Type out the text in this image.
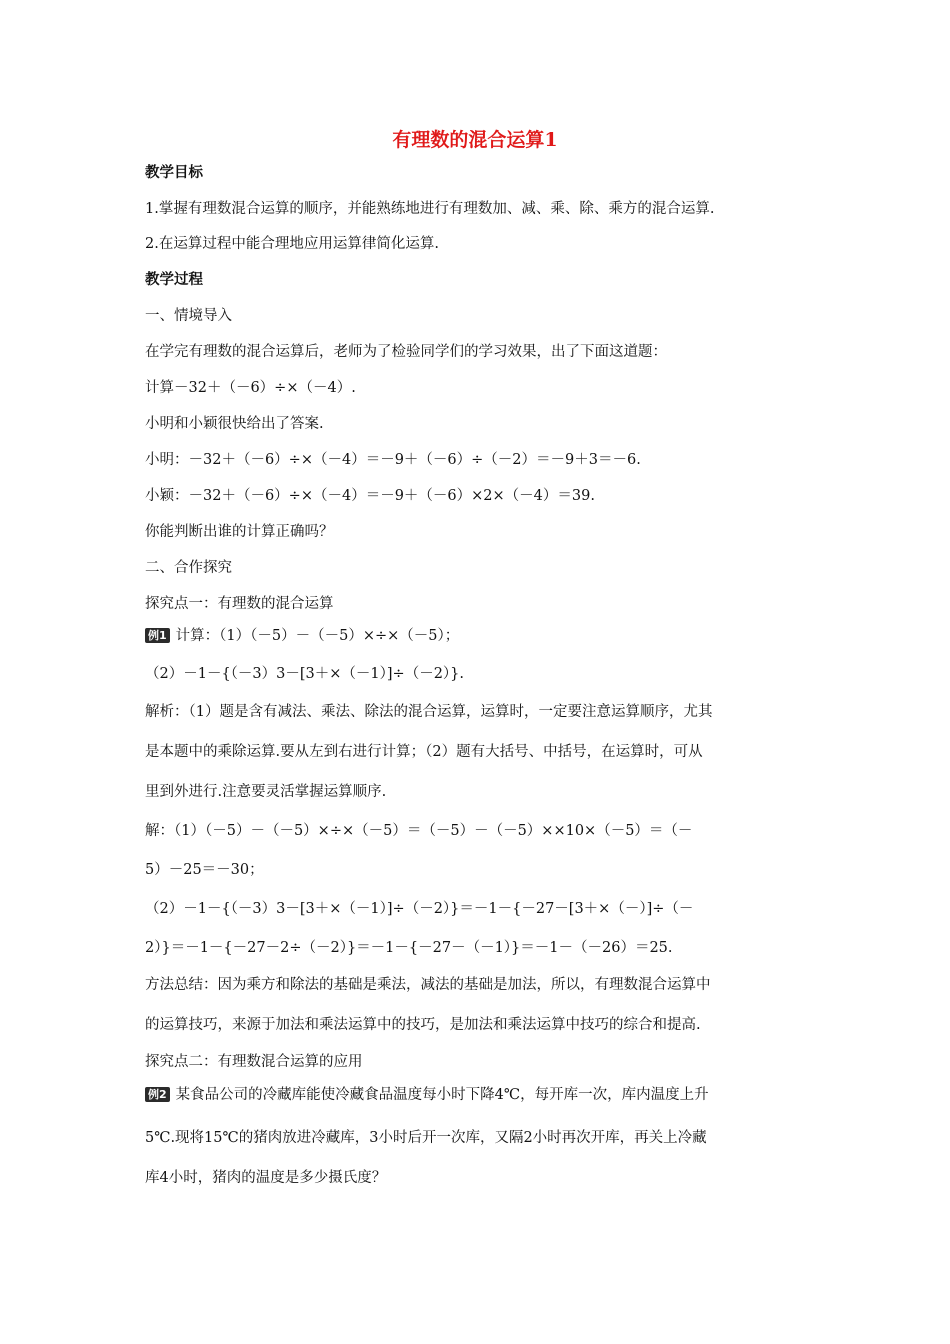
有理数的混合运算1
教学目标
1.掌握有理数混合运算的顺序，并能熟练地进行有理数加、减、乘、除、乘方的混合运算.
2.在运算过程中能合理地应用运算律简化运算.
教学过程
一、情境导入
在学完有理数的混合运算后，老师为了检验同学们的学习效果，出了下面这道题：
计算－32＋（－6）÷×（－4）.
小明和小颖很快给出了答案.
小明：－32＋（－6）÷×（－4）＝－9＋（－6）÷（－2）＝－9＋3＝－6.
小颖：－32＋（－6）÷×（－4）＝－9＋（－6）×2×（－4）＝39.
你能判断出谁的计算正确吗？
二、合作探究
探究点一：有理数的混合运算
例1 计算：（1）（－5）－（－5）×÷×（－5）；
（2）－1－{（－3）3－[3＋×（－1）]÷（－2）}.
解析：（1）题是含有减法、乘法、除法的混合运算，运算时，一定要注意运算顺序，尤其
是本题中的乘除运算.要从左到右进行计算；（2）题有大括号、中括号，在运算时，可从
里到外进行.注意要灵活掌握运算顺序.
解：（1）（－5）－（－5）×÷×（－5）＝（－5）－（－5）××10×（－5）＝（－
5）－25＝－30；
（2）－1－{（－3）3－[3＋×（－1）]÷（－2）}＝－1－{－27－[3＋×（－）]÷（－
2）}＝－1－{－27－2÷（－2）}＝－1－{－27－（－1）}＝－1－（－26）＝25.
方法总结：因为乘方和除法的基础是乘法，减法的基础是加法，所以，有理数混合运算中
的运算技巧，来源于加法和乘法运算中的技巧，是加法和乘法运算中技巧的综合和提高.
探究点二：有理数混合运算的应用
例2 某食品公司的冷藏库能使冷藏食品温度每小时下降4℃，每开库一次，库内温度上升
5℃.现将15℃的猪肉放进冷藏库，3小时后开一次库，又隔2小时再次开库，再关上冷藏
库4小时，猪肉的温度是多少摄氏度？
